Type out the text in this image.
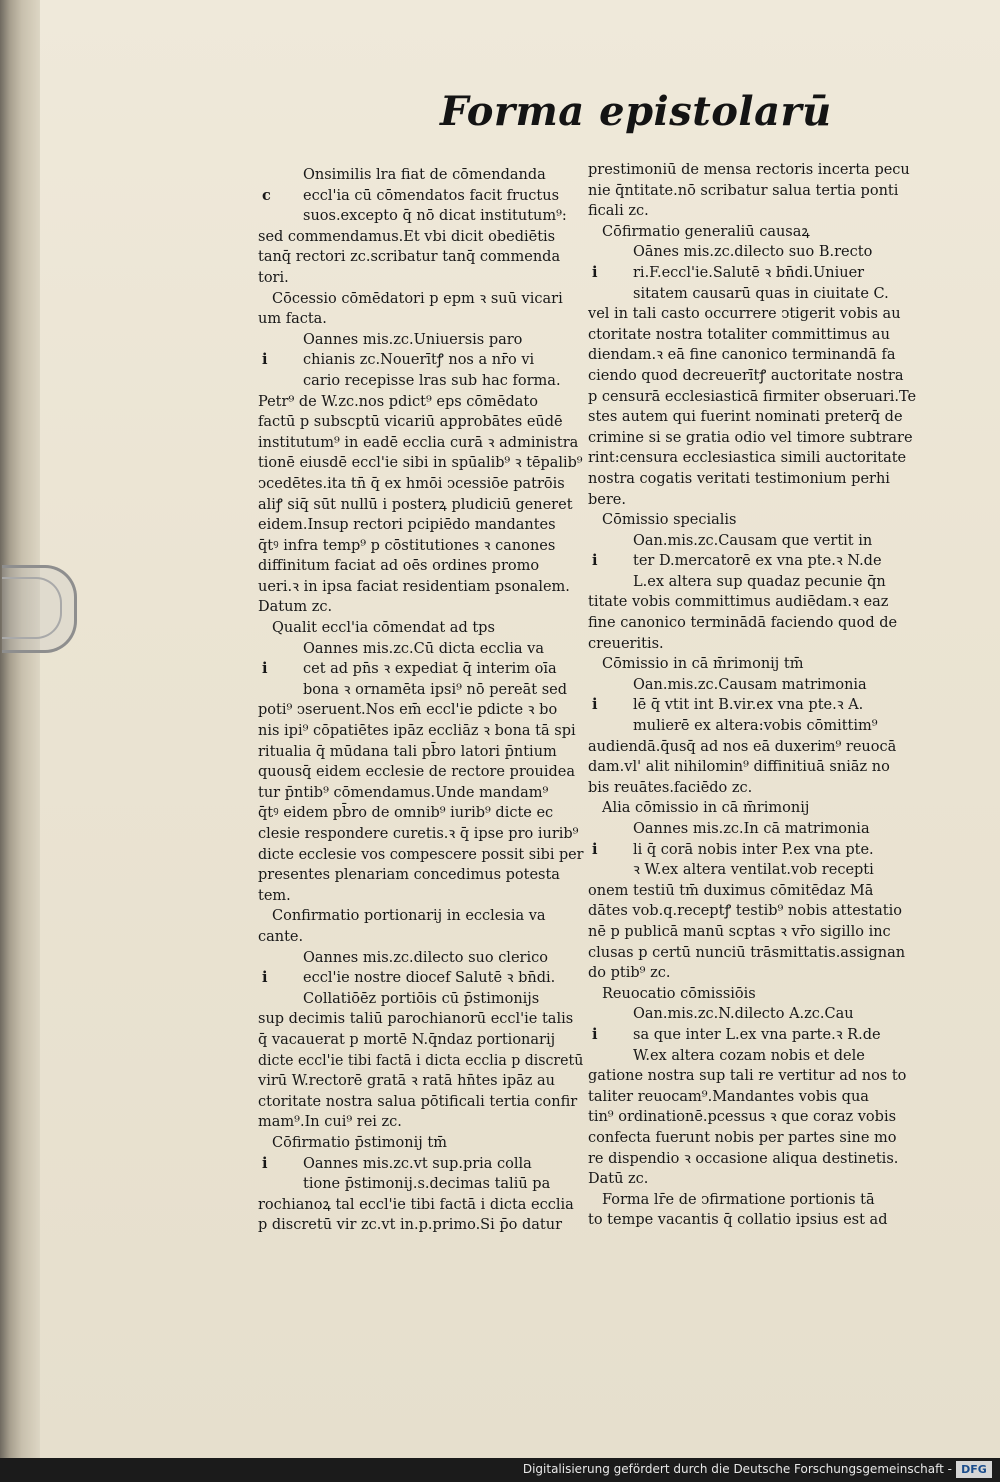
Forma epistolarū
Onsimilis lra fiat de cōmendanda
c eccl'ia cū cōmendatos facit fructus
suos.excepto q̄ nō dicat institutum⁹:
sed commendamus.Et vbi dicit obediētis
tanq̄ rectori zc.scribatur tanq̄ commenda
tori.
Cōcessio cōmēdatori p epm ꝛ suū vicari
um facta.
Oannes mis.zc.Uniuersis paro
i chianis zc.Nouerītꝭ nos a nr̄o vi
cario recepisse lras sub hac forma.
Petr⁹ de W.zc.nos pdict⁹ eps cōmēdato
factū p subscptū vicariū approbātes eūdē
institutum⁹ in eadē ecclia curā ꝛ administra
tionē eiusdē eccl'ie sibi in spūalib⁹ ꝛ tēpalib⁹
ↄcedētes.ita tn̄ q̄ ex hmōi ↄcessiōe patrōis
aliꝭ siq̄ sūt nullū i posterꝝ pludiciū generet
eidem.Insup rectori pcipiēdo mandantes
q̄tꝰ infra temp⁹ p cōstitutiones ꝛ canones
diffinitum faciat ad oēs ordines promo
ueri.ꝛ in ipsa faciat residentiam psonalem.
Datum zc.
Qualit eccl'ia cōmendat ad tps
Oannes mis.zc.Cū dicta ecclia va
i cet ad pn̄s ꝛ expediat q̄ interim oīa
bona ꝛ ornamēta ipsi⁹ nō pereāt sed
poti⁹ ↄseruent.Nos em̄ eccl'ie pdicte ꝛ bo
nis ipi⁹ cōpatiētes ipāz eccliāz ꝛ bona tā spi
ritualia q̄ mūdana tali pb̄ro latori p̄ntium
quousq̄ eidem ecclesie de rectore prouidea
tur p̄ntib⁹ cōmendamus.Unde mandam⁹
q̄tꝰ eidem pb̄ro de omnib⁹ iurib⁹ dicte ec
clesie respondere curetis.ꝛ q̄ ipse pro iurib⁹
dicte ecclesie vos compescere possit sibi per
presentes plenariam concedimus potesta
tem.
Confirmatio portionarij in ecclesia va
cante.
Oannes mis.zc.dilecto suo clerico
i eccl'ie nostre diocef Salutē ꝛ bn̄di.
Collatiōēz portiōis cū p̄stimonijs
sup decimis taliū parochianorū eccl'ie talis
q̄ vacauerat p mortē N.q̄ndaz portionarij
dicte eccl'ie tibi factā i dicta ecclia p discretū
virū W.rectorē gratā ꝛ ratā hn̄tes ipāz au
ctoritate nostra salua pōtificali tertia confir
mam⁹.In cui⁹ rei zc.
Cōfirmatio p̄stimonij tm̄
i Oannes mis.zc.vt sup.pria colla
tione p̄stimonij.s.decimas taliū pa
rochianoꝝ tal eccl'ie tibi factā i dicta ecclia
p discretū vir zc.vt in.p.primo.Si p̄o datur
prestimoniū de mensa rectoris incerta pecu
nie q̄ntitate.nō scribatur salua tertia ponti
ficali zc.
Cōfirmatio generaliū causaꝝ
Oānes mis.zc.dilecto suo B.recto
i ri.F.eccl'ie.Salutē ꝛ bn̄di.Uniuer
sitatem causarū quas in ciuitate C.
vel in tali casto occurrere ↄtigerit vobis au
ctoritate nostra totaliter committimus au
diendam.ꝛ eā fine canonico terminandā fa
ciendo quod decreuerītꝭ auctoritate nostra
p censurā ecclesiasticā firmiter obseruari.Te
stes autem qui fuerint nominati preterq̄ de
crimine si se gratia odio vel timore subtrare
rint:censura ecclesiastica simili auctoritate
nostra cogatis veritati testimonium perhi
bere.
Cōmissio specialis
Oan.mis.zc.Causam que vertit in
i ter D.mercatorē ex vna pte.ꝛ N.de
L.ex altera sup quadaz pecunie q̄n
titate vobis committimus audiēdam.ꝛ eaz
fine canonico terminādā faciendo quod de
creueritis.
Cōmissio in cā m̄rimonij tm̄
Oan.mis.zc.Causam matrimonia
i lē q̄ vtit int B.vir.ex vna pte.ꝛ A.
mulierē ex altera:vobis cōmittim⁹
audiendā.q̄usq̄ ad nos eā duxerim⁹ reuocā
dam.vl' alit nihilomin⁹ diffinitiuā sniāz no
bis reuātes.faciēdo zc.
Alia cōmissio in cā m̄rimonij
Oannes mis.zc.In cā matrimonia
i li q̄ corā nobis inter P.ex vna pte.
ꝛ W.ex altera ventilat.vob recepti
onem testiū tm̄ duximus cōmitēdaz Mā
dātes vob.q.receptꝭ testib⁹ nobis attestatio
nē p publicā manū scptas ꝛ vr̄o sigillo inc
clusas p certū nunciū trāsmittatis.assignan
do ptib⁹ zc.
Reuocatio cōmissiōis
Oan.mis.zc.N.dilecto A.zc.Cau
i sa que inter L.ex vna parte.ꝛ R.de
W.ex altera cozam nobis et dele
gatione nostra sup tali re vertitur ad nos to
taliter reuocam⁹.Mandantes vobis qua
tin⁹ ordinationē.pcessus ꝛ que coraz vobis
confecta fuerunt nobis per partes sine mo
re dispendio ꝛ occasione aliqua destinetis.
Datū zc.
Forma lr̄e de ↄfirmatione portionis tā
to tempe vacantis q̄ collatio ipsius est ad
Digitalisierung gefördert durch die Deutsche Forschungsgemeinschaft - DFG
